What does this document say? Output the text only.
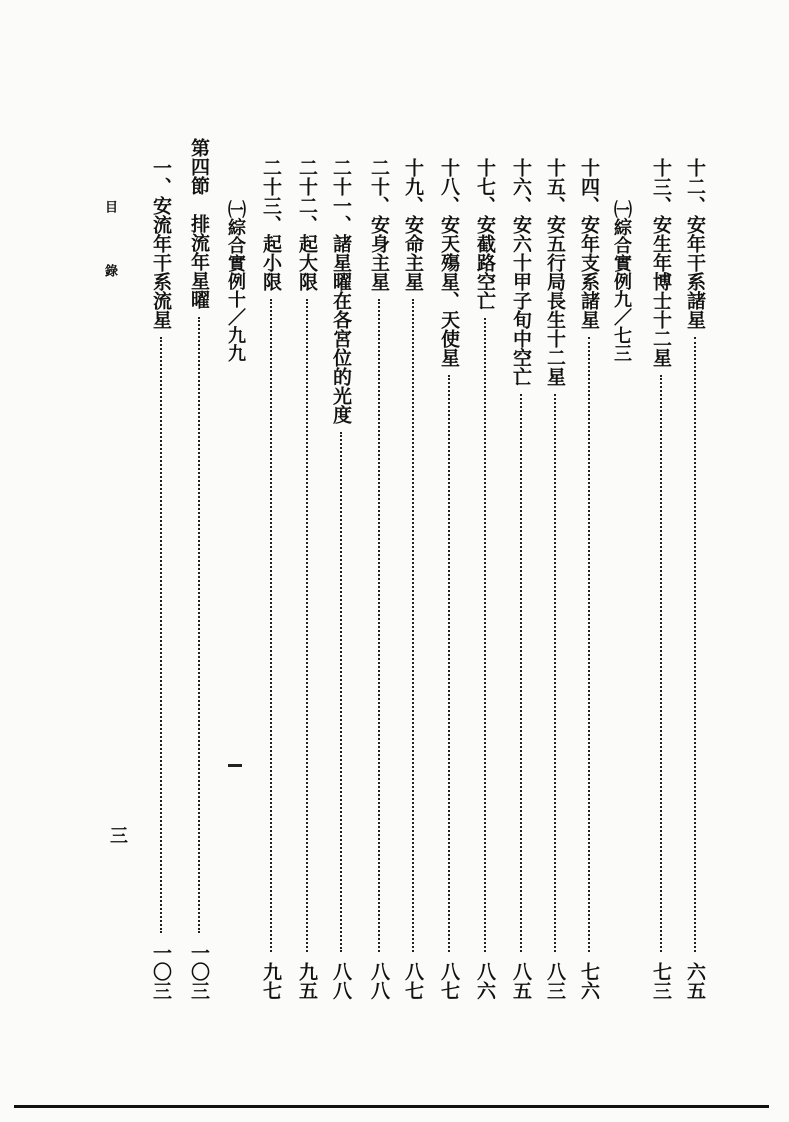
目 錄
三
十二、安年干系諸星
六五
十三、安生年博士十二星
七三
㈠綜合實例九／七三
十四、安年支系諸星
七六
十五、安五行局長生十二星
八三
十六、安六十甲子旬中空亡
八五
十七、安截路空亡
八六
十八、安天殤星、天使星
八七
十九、安命主星
八七
二十、安身主星
八八
二十一、諸星曜在各宮位的光度
八八
二十二、起大限
九五
二十三、起小限
九七
㈠綜合實例十／九九
第四節　排流年星曜
一〇三
一、安流年干系流星
一〇三
